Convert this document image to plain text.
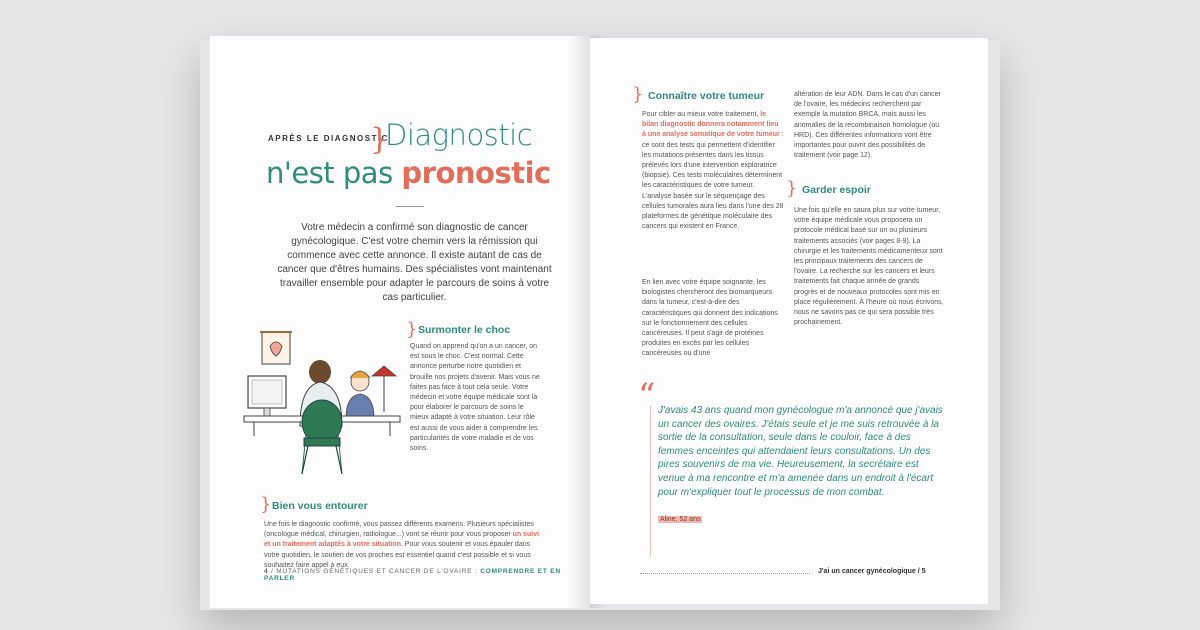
APRÈS LE DIAGNOSTIC
}
Diagnostic
n'est pas pronostic
Votre médecin a confirmé son diagnostic de cancer gynécologique. C'est votre chemin vers la rémission qui commence avec cette annonce. Il existe autant de cas de cancer que d'êtres humains. Des spécialistes vont maintenant travailler ensemble pour adapter le parcours de soins à votre cas particulier.
} Surmonter le choc
Quand on apprend qu'on a un cancer, on est sous le choc. C'est normal. Cette annonce perturbe notre quotidien et brouille nos projets d'avenir. Mais vous ne faites pas face à tout cela seule. Votre médecin et votre équipe médicale sont là pour élaborer le parcours de soins le mieux adapté à votre situation. Leur rôle est aussi de vous aider à comprendre les particularités de votre maladie et de vos soins.
} Bien vous entourer
Une fois le diagnostic confirmé, vous passez différents examens. Plusieurs spécialistes (oncologue médical, chirurgien, radiologue...) vont se réunir pour vous proposer un suivi et un traitement adaptés à votre situation. Pour vous soutenir et vous épauler dans votre quotidien, le soutien de vos proches est essentiel quand c'est possible et si vous souhaitez faire appel à eux.
4 / MUTATIONS GÉNÉTIQUES ET CANCER DE L'OVAIRE : COMPRENDRE ET EN PARLER
} Connaître votre tumeur
Pour cibler au mieux votre traitement, le bilan diagnostic donnera notamment lieu à une analyse somatique de votre tumeur : ce sont des tests qui permettent d'identifier les mutations présentes dans les tissus prélevés lors d'une intervention exploratrice (biopsie). Ces tests moléculaires déterminent les caractéristiques de votre tumeur. L'analyse basée sur le séquençage des cellules tumorales aura lieu dans l'une des 28 plateformes de génétique moléculaire des cancers qui existent en France.
En lien avec votre équipe soignante, les biologistes chercheront des biomarqueurs dans la tumeur, c'est-à-dire des caractéristiques qui donnent des indications sur le fonctionnement des cellules cancéreuses. Il peut s'agir de protéines produites en excès par les cellules cancéreuses ou d'une
altération de leur ADN. Dans le cas d'un cancer de l'ovaire, les médecins recherchent par exemple la mutation BRCA, mais aussi les anomalies de la recombinaison homologue (ou HRD). Ces différentes informations vont être importantes pour ouvrir des possibilités de traitement (voir page 12).
} Garder espoir
Une fois qu'elle en saura plus sur votre tumeur, votre équipe médicale vous proposera un protocole médical basé sur un ou plusieurs traitements associés (voir pages 8-9). La chirurgie et les traitements médicamenteux sont les principaux traitements des cancers de l'ovaire. La recherche sur les cancers et leurs traitements fait chaque année de grands progrès et de nouveaux protocoles sont mis en place régulièrement. À l'heure où nous écrivons, nous ne savons pas ce qui sera possible très prochainement.
“ J'avais 43 ans quand mon gynécologue m'a annoncé que j'avais un cancer des ovaires. J'étais seule et je me suis retrouvée à la sortie de la consultation, seule dans le couloir, face à des femmes enceintes qui attendaient leurs consultations. Un des pires souvenirs de ma vie. Heureusement, la secrétaire est venue à ma rencontre et m'a amenée dans un endroit à l'écart pour m'expliquer tout le processus de mon combat.
Aline, 52 ans
J'ai un cancer gynécologique / 5
